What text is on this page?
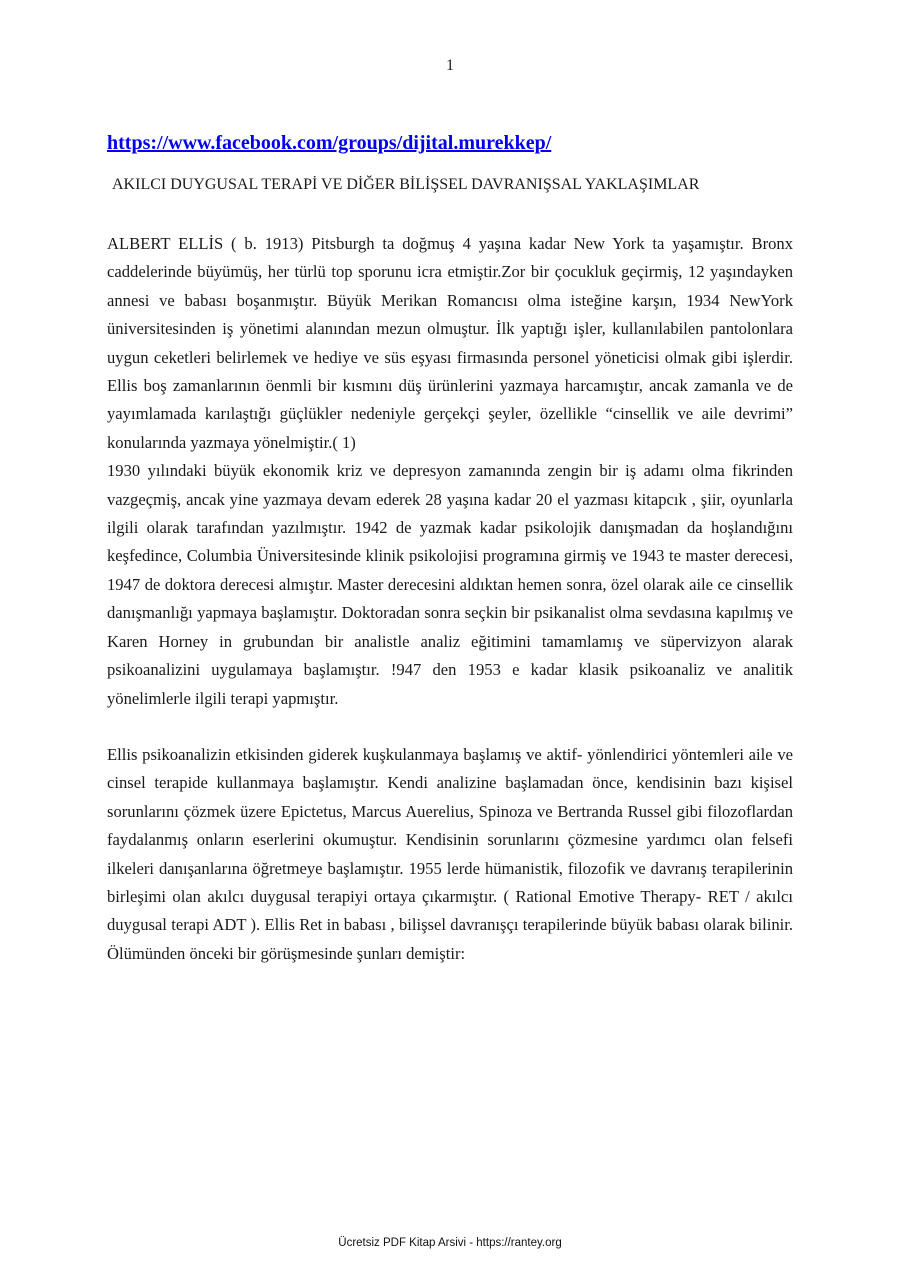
1
https://www.facebook.com/groups/dijital.murekkep/
AKILCI DUYGUSAL TERAPİ VE DİĞER BİLİŞSEL DAVRANIŞSAL YAKLAŞIMLAR

ALBERT ELLİS ( b. 1913) Pitsburgh ta doğmuş 4 yaşına kadar New York ta yaşamıştır. Bronx caddelerinde büyümüş, her türlü top sporunu icra etmiştir.Zor bir çocukluk geçirmiş, 12 yaşındayken annesi ve babası boşanmıştır. Büyük Merikan Romancısı olma isteğine karşın, 1934 NewYork üniversitesinden iş yönetimi alanından mezun olmuştur. İlk yaptığı işler, kullanılabilen pantolonlara uygun ceketleri belirlemek ve hediye ve süs eşyası firmasında personel yöneticisi olmak gibi işlerdir. Ellis boş zamanlarının öenmli bir kısmını düş ürünlerini yazmaya harcamıştır, ancak zamanla ve de yayımlamada karılaştığı güçlükler nedeniyle gerçekçi şeyler, özellikle “cinsellik ve aile devrimi” konularında yazmaya yönelmiştir.( 1)

1930 yılındaki büyük ekonomik kriz ve depresyon zamanında zengin bir iş adamı olma fikrinden vazgeçmiş, ancak yine yazmaya devam ederek 28 yaşına kadar 20 el yazması kitapcık , şiir, oyunlarla ilgili olarak tarafından yazılmıştır. 1942 de yazmak kadar psikolojik danışmadan da hoşlandığını keşfedince, Columbia Üniversitesinde klinik psikolojisi programına girmiş ve 1943 te master derecesi, 1947 de doktora derecesi almıştır. Master derecesini aldıktan hemen sonra, özel olarak aile ce cinsellik danışmanlığı yapmaya başlamıştır. Doktoradan sonra seçkin bir psikanalist olma sevdasına kapılmış ve Karen Horney in grubundan bir analistle analiz eğitimini tamamlamış ve süpervizyon alarak psikoanalizini uygulamaya başlamıştır. !947 den 1953 e kadar klasik psikoanaliz ve analitik yönelimlerle ilgili terapi yapmıştır.

Ellis psikoanalizin etkisinden giderek kuşkulanmaya başlamış ve aktif- yönlendirici yöntemleri aile ve cinsel terapide kullanmaya başlamıştır. Kendi analizine başlamadan önce, kendisinin bazı kişisel sorunlarını çözmek üzere Epictetus, Marcus Auerelius, Spinoza ve Bertranda Russel gibi filozoflardan faydalanmış onların eserlerini okumuştur. Kendisinin sorunlarını çözmesine yardımcı olan felsefi ilkeleri danışanlarına öğretmeye başlamıştır. 1955 lerde hümanistik, filozofik ve davranış terapilerinin birleşimi olan akılcı duygusal terapiyi ortaya çıkarmıştır. ( Rational Emotive Therapy- RET / akılcı duygusal terapi ADT ). Ellis Ret in babası , bilişsel davranışçı terapilerinde büyük babası olarak bilinir. Ölümünden önceki bir görüşmesinde şunları demiştir:

Ücretsiz PDF Kitap Arsivi - https://rantey.org
